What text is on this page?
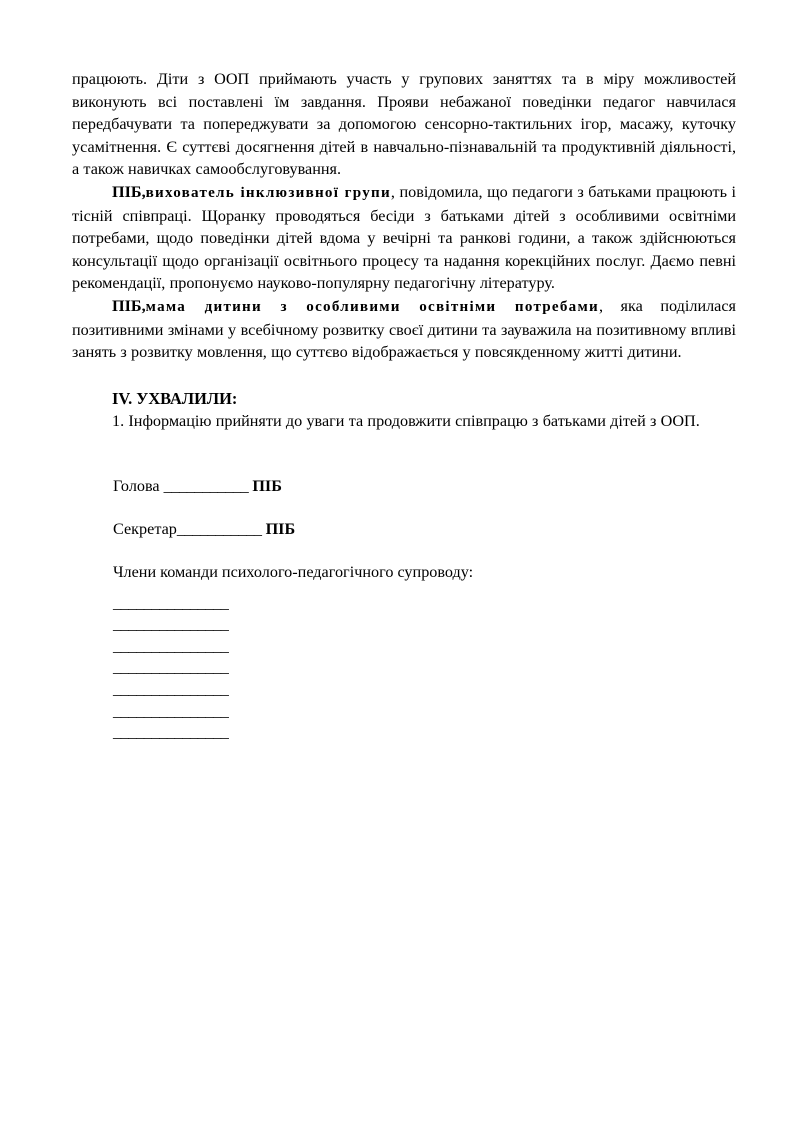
працюють. Діти з ООП приймають участь у групових заняттях та в міру можливостей виконують всі поставлені їм завдання. Прояви небажаної поведінки педагог навчилася передбачувати та попереджувати за допомогою сенсорно-тактильних ігор, масажу, куточку усамітнення. Є суттєві досягнення дітей в навчально-пізнавальній та продуктивній діяльності, а також навичках самообслуговування.

ПІБ,вихователь інклюзивної групи, повідомила, що педагоги з батьками працюють і тісній співпраці. Щоранку проводяться бесіди з батьками дітей з особливими освітніми потребами, щодо поведінки дітей вдома у вечірні та ранкові години, а також здійснюються консультації щодо організації освітнього процесу та надання корекційних послуг. Даємо певні рекомендації, пропонуємо науково-популярну педагогічну літературу.

ПІБ,мама дитини з особливими освітніми потребами, яка поділилася позитивними змінами у всебічному розвитку своєї дитини та зауважила на позитивному впливі занять з розвитку мовлення, що суттєво відображається у повсякденному житті дитини.

IV. УХВАЛИЛИ:

1. Інформацію прийняти до уваги та продовжити співпрацю з батьками дітей з ООП.

Голова ___________ ПІБ
Секретар___________ ПІБ
Члени команди психолого-педагогічного супроводу:
_______________
_______________
_______________
_______________
_______________
_______________
_______________
